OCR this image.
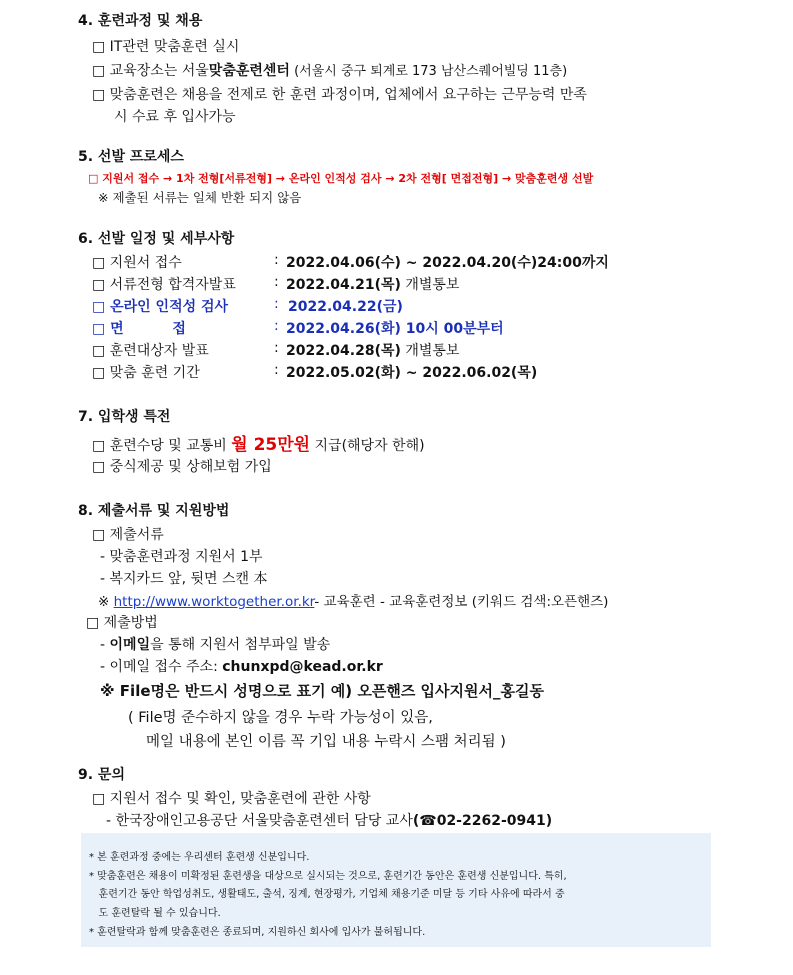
4. 훈련과정 및 채용
□ IT관련 맞춤훈련 실시
□ 교육장소는 서울맞춤훈련센터 (서울시 중구 퇴계로 173 남산스퀘어빌딩 11층)
□ 맞춤훈련은 채용을 전제로 한 훈련 과정이며, 업체에서 요구하는 근무능력 만족
시 수료 후 입사가능
5. 선발 프로세스
□ 지원서 접수 → 1차 전형[서류전형] → 온라인 인적성 검사 → 2차 전형[ 면접전형] → 맞춤훈련생 선발
※ 제출된 서류는 일체 반환 되지 않음
6. 선발 일정 및 세부사항
□ 지원서 접수	: 2022.04.06(수) ~ 2022.04.20(수)24:00까지
□ 서류전형 합격자발표	: 2022.04.21(목) 개별통보
□ 온라인 인적성 검사	: 2022.04.22(금)
□ 면          접	: 2022.04.26(화) 10시 00분부터
□ 훈련대상자 발표	: 2022.04.28(목) 개별통보
□ 맞춤 훈련 기간	: 2022.05.02(화) ~ 2022.06.02(목)
7. 입학생 특전
□ 훈련수당 및 교통비 월 25만원 지급(해당자 한해)
□ 중식제공 및 상해보험 가입
8. 제출서류 및 지원방법
□ 제출서류
- 맞춤훈련과정 지원서 1부
- 복지카드 앞, 뒷면 스캔 本
※ http://www.worktogether.or.kr- 교육훈련 - 교육훈련정보 (키워드 검색:오픈핸즈)
□ 제출방법
- 이메일을 통해 지원서 첨부파일 발송
- 이메일 접수 주소: chunxpd@kead.or.kr
※ File명은 반드시 성명으로 표기 예) 오픈핸즈 입사지원서_홍길동
( File명 준수하지 않을 경우 누락 가능성이 있음,
메일 내용에 본인 이름 꼭 기입 내용 누락시 스팸 처리됨 )
9. 문의
□ 지원서 접수 및 확인, 맞춤훈련에 관한 사항
- 한국장애인고용공단 서울맞춤훈련센터 담당 교사(☎02-2262-0941)
* 본 훈련과정 중에는 우리센터 훈련생 신분입니다.
* 맞춤훈련은 채용이 미확정된 훈련생을 대상으로 실시되는 것으로, 훈련기간 동안은 훈련생 신분입니다. 특히,
훈련기간 동안 학업성취도, 생활태도, 출석, 징계, 현장평가, 기업체 채용기준 미달 등 기타 사유에 따라서 중
도 훈련탈락 될 수 있습니다.
* 훈련탈락과 함께 맞춤훈련은 종료되며, 지원하신 회사에 입사가 불허됩니다.
